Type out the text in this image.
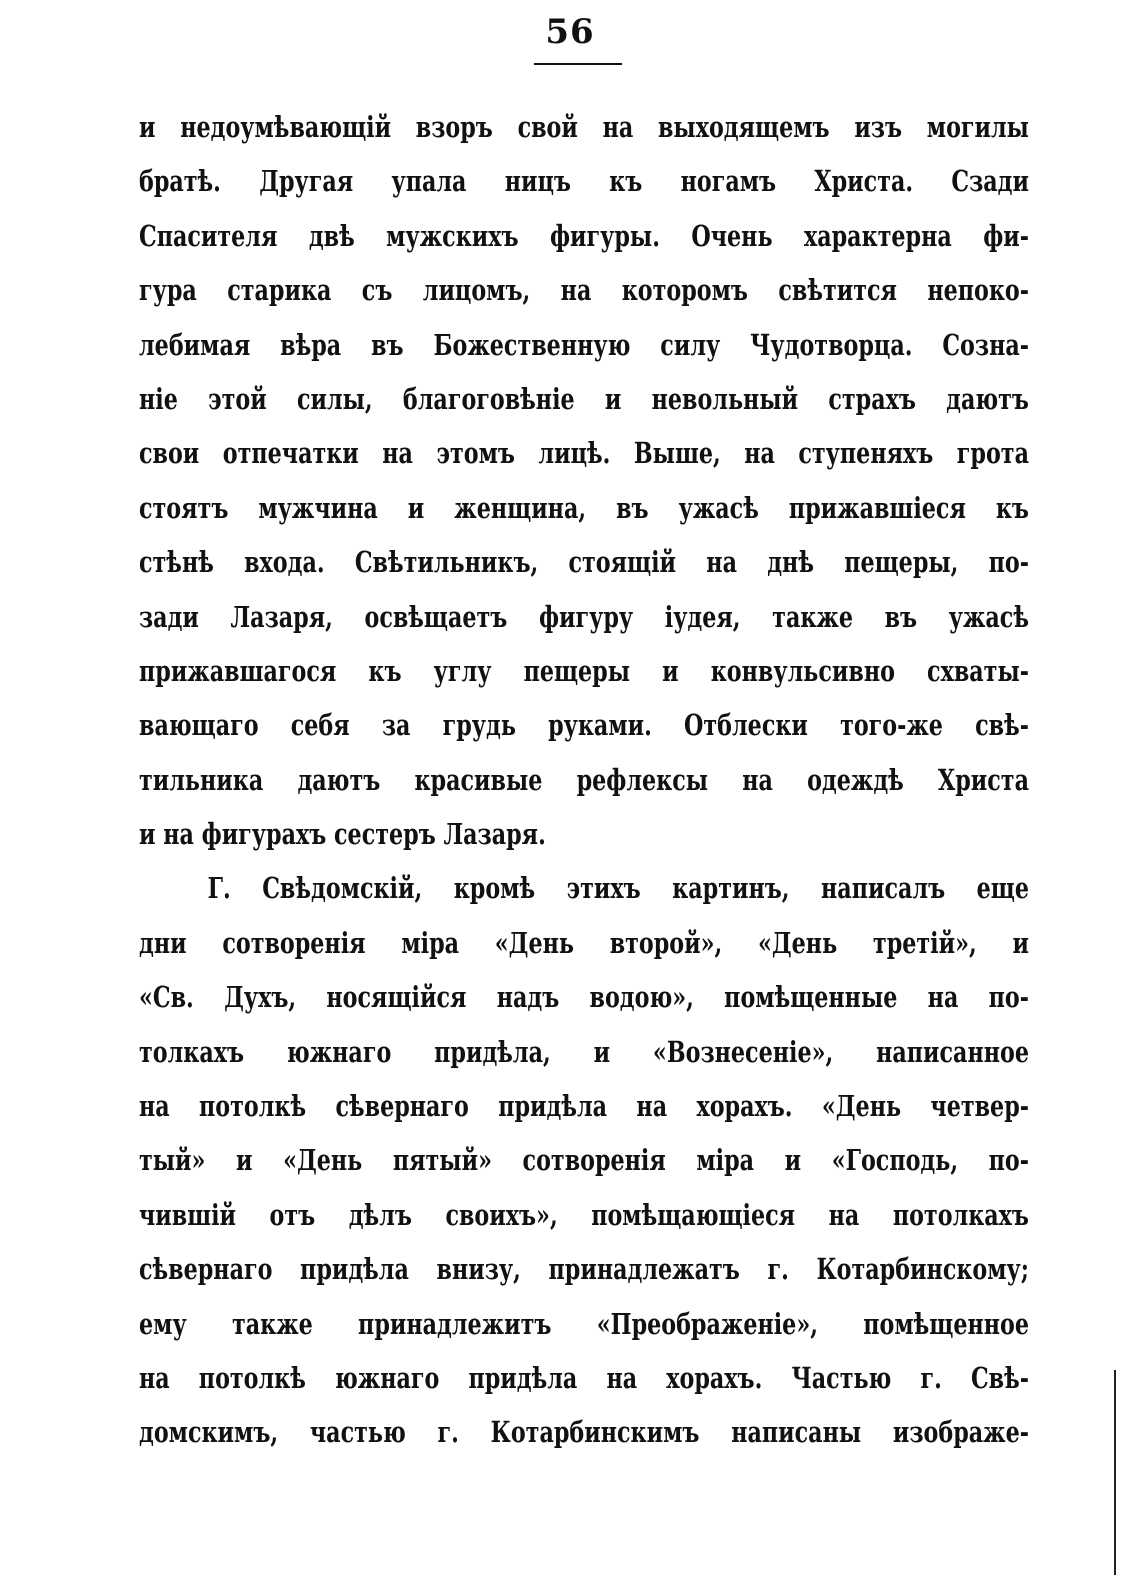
56
и недоумѣвающій взоръ свой на выходящемъ изъ могилы
братѣ. Другая упала ницъ къ ногамъ Христа. Сзади
Спасителя двѣ мужскихъ фигуры. Очень характерна фи-
гура старика съ лицомъ, на которомъ свѣтится непоко-
лебимая вѣра въ Божественную силу Чудотворца. Созна-
ніе этой силы, благоговѣніе и невольный страхъ даютъ
свои отпечатки на этомъ лицѣ. Выше, на ступеняхъ грота
стоятъ мужчина и женщина, въ ужасѣ прижавшіеся къ
стѣнѣ входа. Свѣтильникъ, стоящій на днѣ пещеры, по-
зади Лазаря, освѣщаетъ фигуру іудея, также въ ужасѣ
прижавшагося къ углу пещеры и конвульсивно схваты-
вающаго себя за грудь руками. Отблески того-же свѣ-
тильника даютъ красивые рефлексы на одеждѣ Христа
и на фигурахъ сестеръ Лазаря.
Г. Свѣдомскій, кромѣ этихъ картинъ, написалъ еще
дни сотворенія міра «День второй», «День третій», и
«Св. Духъ, носящійся надъ водою», помѣщенные на по-
толкахъ южнаго придѣла, и «Вознесеніе», написанное
на потолкѣ сѣвернаго придѣла на хорахъ. «День четвер-
тый» и «День пятый» сотворенія міра и «Господь, по-
чившій отъ дѣлъ своихъ», помѣщающіеся на потолкахъ
сѣвернаго придѣла внизу, принадлежатъ г. Котарбинскому;
ему также принадлежитъ «Преображеніе», помѣщенное
на потолкѣ южнаго придѣла на хорахъ. Частью г. Свѣ-
домскимъ, частью г. Котарбинскимъ написаны изображе-
